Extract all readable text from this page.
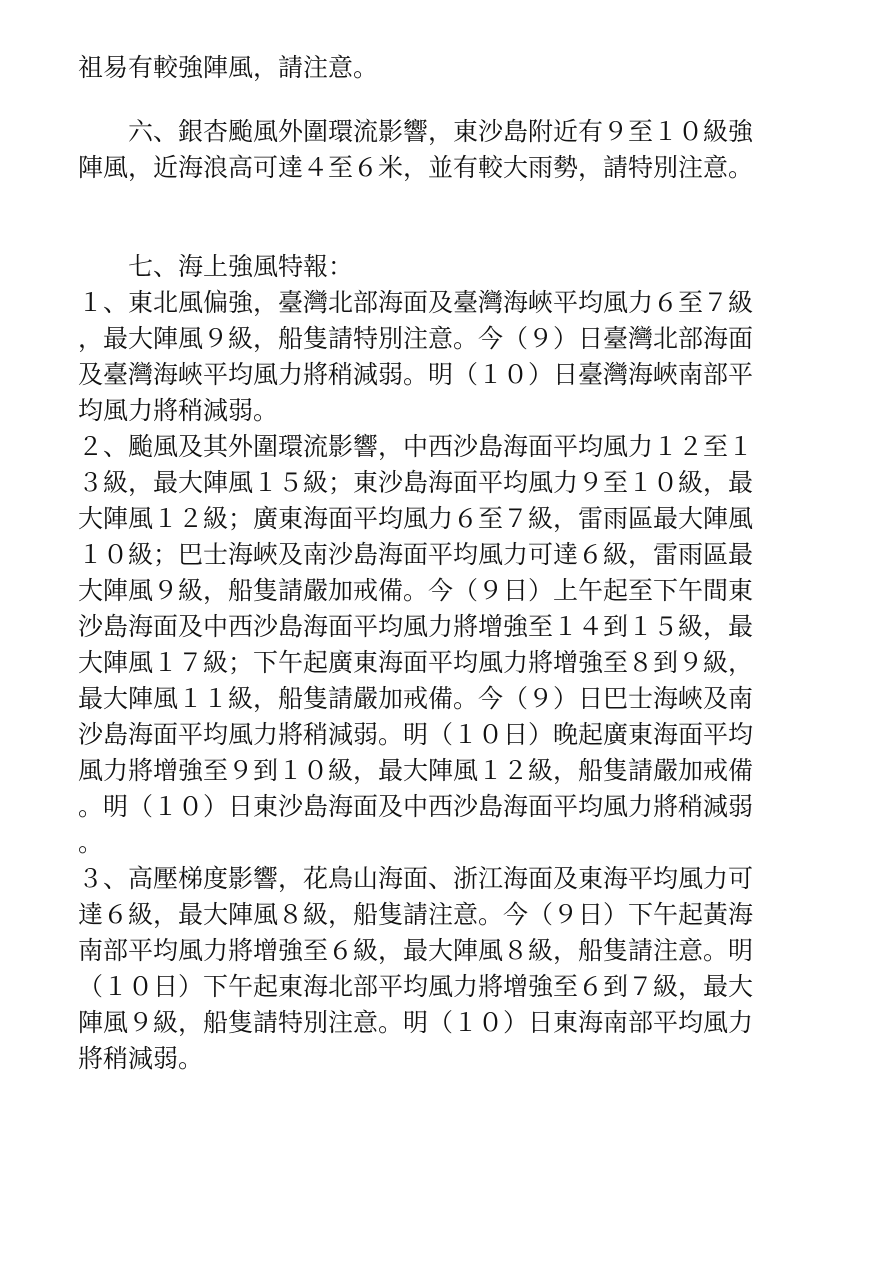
祖易有較強陣風，請注意。
六、銀杏颱風外圍環流影響，東沙島附近有９至１０級強
陣風，近海浪高可達４至６米，並有較大雨勢，請特別注意。
七、海上強風特報：
１、東北風偏強，臺灣北部海面及臺灣海峽平均風力６至７級
，最大陣風９級，船隻請特別注意。今（９）日臺灣北部海面
及臺灣海峽平均風力將稍減弱。明（１０）日臺灣海峽南部平
均風力將稍減弱。
２、颱風及其外圍環流影響，中西沙島海面平均風力１２至１
３級，最大陣風１５級；東沙島海面平均風力９至１０級，最
大陣風１２級；廣東海面平均風力６至７級，雷雨區最大陣風
１０級；巴士海峽及南沙島海面平均風力可達６級，雷雨區最
大陣風９級，船隻請嚴加戒備。今（９日）上午起至下午間東
沙島海面及中西沙島海面平均風力將增強至１４到１５級，最
大陣風１７級；下午起廣東海面平均風力將增強至８到９級，
最大陣風１１級，船隻請嚴加戒備。今（９）日巴士海峽及南
沙島海面平均風力將稍減弱。明（１０日）晚起廣東海面平均
風力將增強至９到１０級，最大陣風１２級，船隻請嚴加戒備
。明（１０）日東沙島海面及中西沙島海面平均風力將稍減弱
。
３、高壓梯度影響，花鳥山海面、浙江海面及東海平均風力可
達６級，最大陣風８級，船隻請注意。今（９日）下午起黃海
南部平均風力將增強至６級，最大陣風８級，船隻請注意。明
（１０日）下午起東海北部平均風力將增強至６到７級，最大
陣風９級，船隻請特別注意。明（１０）日東海南部平均風力
將稍減弱。
